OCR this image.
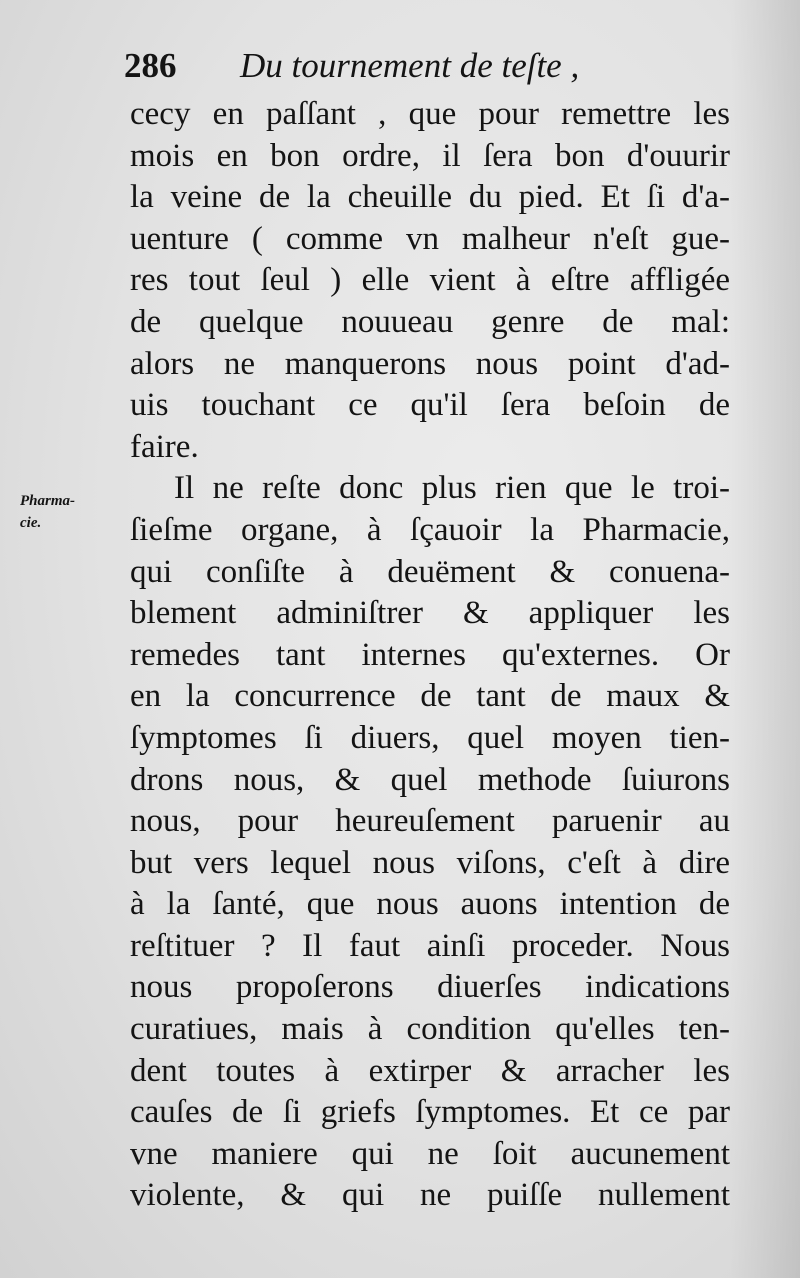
286 Du tournement de teſte ,
Pharma-
cie.
cecy en paſſant , que pour remettre les
mois en bon ordre, il ſera bon d'ouurir
la veine de la cheuille du pied. Et ſi d'a-
uenture ( comme vn malheur n'eſt gue-
res tout ſeul ) elle vient à eſtre affligée
de quelque nouueau genre de mal:
alors ne manquerons nous point d'ad-
uis touchant ce qu'il ſera beſoin de
faire.
Il ne reſte donc plus rien que le troi-
ſieſme organe, à ſçauoir la Pharmacie,
qui conſiſte à deuëment & conuena-
blement adminiſtrer & appliquer les
remedes tant internes qu'externes. Or
en la concurrence de tant de maux &
ſymptomes ſi diuers, quel moyen tien-
drons nous, & quel methode ſuiurons
nous, pour heureuſement paruenir au
but vers lequel nous viſons, c'eſt à dire
à la ſanté, que nous auons intention de
reſtituer ? Il faut ainſi proceder. Nous
nous propoſerons diuerſes indications
curatiues, mais à condition qu'elles ten-
dent toutes à extirper & arracher les
cauſes de ſi griefs ſymptomes. Et ce par
vne maniere qui ne ſoit aucunement
violente, & qui ne puiſſe nullement
